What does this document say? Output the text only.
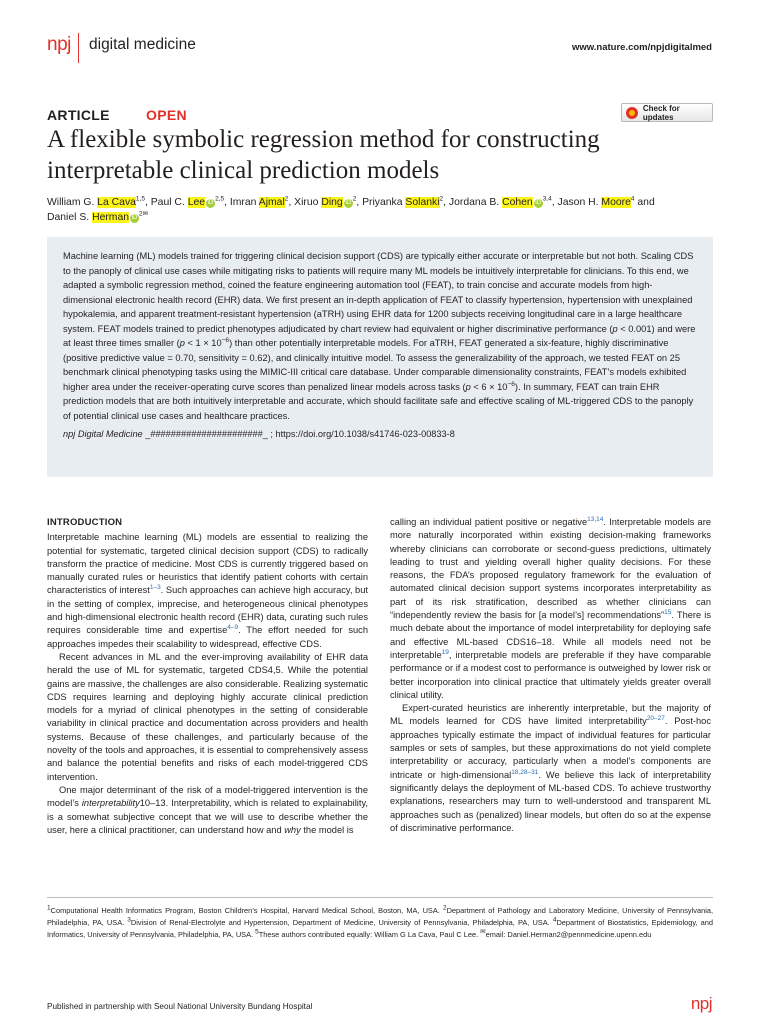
npj digital medicine	www.nature.com/npjdigitalmed
ARTICLE	OPEN	Check for updates
A flexible symbolic regression method for constructing interpretable clinical prediction models
William G. La Cava$^{1,5}$, Paul C. Lee iD$^{2,5}$, Imran Ajmal$^2$, Xiruo Ding $iD^2$, Priyanka Solanki$^2$, Jordana B. Cohen iD$^{3,4}$, Jason H. Moore$^4$ and
Daniel S. Herman $iD^{2✉}$
Machine learning (ML) models trained for triggering clinical decision support (CDS) are typically either accurate or interpretable but not both. Scaling CDS to the panoply of clinical use cases while mitigating risks to patients will require many ML models be intuitively interpretable for clinicians. To this end, we adapted a symbolic regression method, coined the feature engineering automation tool (FEAT), to train concise and accurate models from high-dimensional electronic health record (EHR) data. We first present an in-depth application of FEAT to classify hypertension, hypertension with unexplained hypokalemia, and apparent treatment-resistant hypertension (aTRH) using EHR data for 1200 subjects receiving longitudinal care in a large healthcare system. FEAT models trained to predict phenotypes adjudicated by chart review had equivalent or higher discriminative performance (p < 0.001) and were at least three times smaller $(p < 1 \times 10^{-6})$ than other potentially interpretable models. For aTRH, FEAT generated a six-feature, highly discriminative (positive predictive value = 0.70, sensitivity = 0.62), and clinically intuitive model. To assess the generalizability of the approach, we tested FEAT on 25 benchmark clinical phenotyping tasks using the MIMIC-III critical care database. Under comparable dimensionality constraints, FEAT’s models exhibited higher area under the receiver-operating curve scores than penalized linear models across tasks $(p < 6 \times 10^{-6})$. In summary, FEAT can train EHR prediction models that are both intuitively interpretable and accurate, which should facilitate safe and effective scaling of ML-triggered CDS to the panoply of potential clinical use cases and healthcare practices.
npj Digital Medicine _######################_ ; https://doi.org/10.1038/s41746-023-00833-8
INTRODUCTION

Interpretable machine learning (ML) models are essential to realizing the potential for systematic, targeted clinical decision support (CDS) to radically transform the practice of medicine. Most CDS is currently triggered based on manually curated rules or heuristics that identify patient cohorts with certain characteristics of interest$^{1-3}$. Such approaches can achieve high accuracy, but in the setting of complex, imprecise, and heterogeneous clinical phenotypes and high-dimensional electronic health record (EHR) data, curating such rules requires considerable time and expertise$^{4-9}$. The effort needed for such approaches impedes their scalability to widespread, effective CDS.

Recent advances in ML and the ever-improving availability of EHR data herald the use of ML for systematic, targeted CDS4,5. While the potential gains are massive, the challenges are also considerable. Realizing systematic CDS requires learning and deploying highly accurate clinical prediction models for a myriad of clinical phenotypes in the setting of considerable variability in clinical practice and documentation across providers and health systems. Because of these challenges, and particularly because of the novelty of the tools and approaches, it is essential to comprehensively assess and balance the potential benefits and risks of each model-triggered CDS intervention.

One major determinant of the risk of a model-triggered intervention is the model’s interpretability10–13. Interpretability, which is related to explainability, is a somewhat subjective concept that we will use to describe whether the user, here a clinical practitioner, can understand how and why the model is

calling an individual patient positive or negative$^{13,14}$. Interpretable models are more naturally incorporated within existing decision-making frameworks whereby clinicians can corroborate or second-guess predictions, ultimately leading to trust and yielding overall higher quality decisions. For these reasons, the FDA’s proposed regulatory framework for the evaluation of automated clinical decision support systems incorporates interpretability as part of its risk stratification, described as whether clinicians can “independently review the basis for [a model’s] recommendations”$^{15}$. There is much debate about the importance of model interpretability for deploying safe and effective ML-based CDS16–18. While all models need not be interpretable$^{19}$, interpretable models are preferable if they have comparable performance or if a modest cost to performance is outweighed by lower risk or better incorporation into clinical practice that ultimately yields greater overall clinical utility.

Expert-curated heuristics are inherently interpretable, but the majority of ML models learned for CDS have limited interpretability$^{20-27}$. Post-hoc approaches typically estimate the impact of individual features for particular samples or sets of samples, but these approximations do not yield complete interpretability or accuracy, particularly when a model’s components are intricate or high-dimensional$^{18,28-31}$. We believe this lack of interpretability significantly delays the deployment of ML-based CDS. To achieve trustworthy explanations, researchers may turn to well-understood and transparent ML approaches such as (penalized) linear models, but often do so at the expense of discriminative performance.

$^1$Computational Health Informatics Program, Boston Children’s Hospital, Harvard Medical School, Boston, MA, USA. $^2$Department of Pathology and Laboratory Medicine, University of Pennsylvania, Philadelphia, PA, USA. $^3$Division of Renal-Electrolyte and Hypertension, Department of Medicine, University of Pennsylvania, Philadelphia, PA, USA. $^4$Department of Biostatistics, Epidemiology, and Informatics, University of Pennsylvania, Philadelphia, PA, USA. $^5$These authors contributed equally: William G La Cava, Paul C Lee. ✉email: Daniel.Herman2@pennmedicine.upenn.edu
Published in partnership with Seoul National University Bundang Hospital	npj
